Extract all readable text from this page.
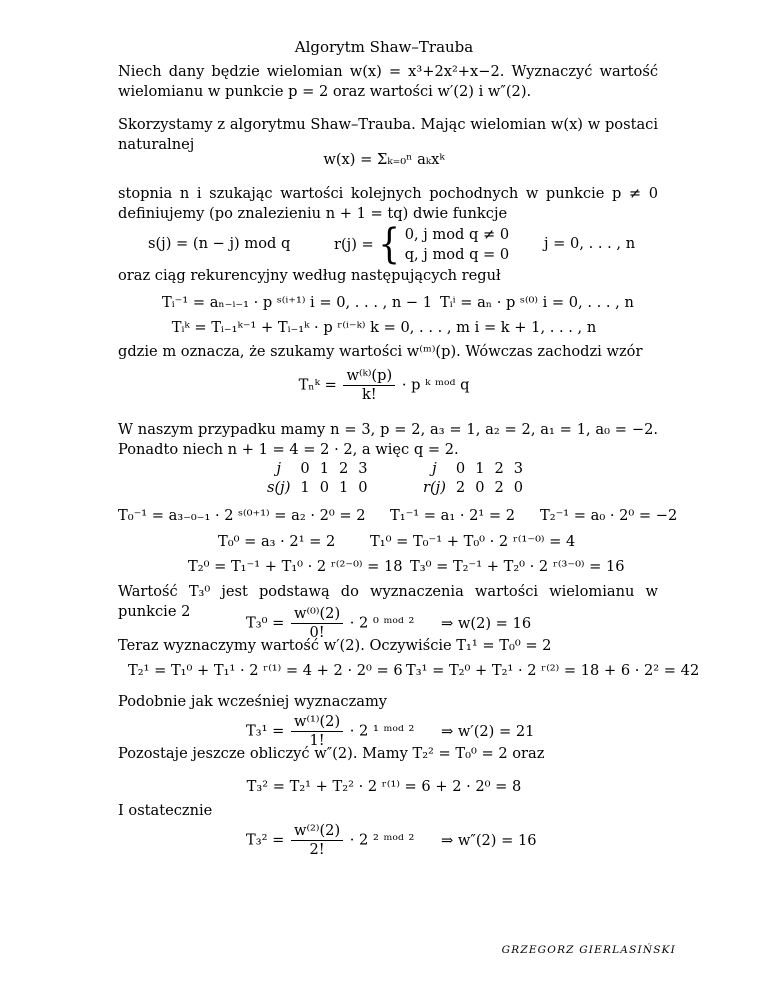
Algorytm Shaw–Trauba
Niech dany będzie wielomian w(x) = x³+2x²+x−2. Wyznaczyć wartość wielomianu w punkcie p = 2 oraz wartości w′(2) i w″(2).
Skorzystamy z algorytmu Shaw–Trauba. Mając wielomian w(x) w postaci naturalnej
w(x) = Σₖ₌₀ⁿ aₖxᵏ
stopnia n i szukając wartości kolejnych pochodnych w punkcie p ≠ 0 definiujemy (po znalezieniu n + 1 = tq) dwie funkcje
s(j) = (n − j) mod q	r(j) = { 0, j mod q ≠ 0
q, j mod q = 0
j = 0, . . . , n
oraz ciąg rekurencyjny według następujących reguł
Tᵢ⁻¹ = aₙ₋ᵢ₋₁ · p ˢ⁽ⁱ⁺¹⁾ i = 0, . . . , n − 1 Tᵢⁱ = aₙ · p ˢ⁽⁰⁾ i = 0, . . . , n
Tᵢᵏ = Tᵢ₋₁ᵏ⁻¹ + Tᵢ₋₁ᵏ · p ʳ⁽ⁱ⁻ᵏ⁾ k = 0, . . . , m i = k + 1, . . . , n
gdzie m oznacza, że szukamy wartości w⁽ᵐ⁾(p). Wówczas zachodzi wzór
Tₙᵏ = $\frac{\text{w⁽ᵏ⁾(p)}}{k!} \cdot p$ ᵏ ᵐᵒᵈ q
W naszym przypadku mamy n = 3, p = 2, a₃ = 1, a₂ = 2, a₁ = 1, a₀ = −2. Ponadto niech n + 1 = 4 = 2 · 2, a więc q = 2.
j	0	1	2	3
s(j)	1	0	1	0
j	0	1	2	3
r(j)	2	0	2	0
T₀⁻¹ = a₃₋₀₋₁ · 2 ˢ⁽⁰⁺¹⁾ = a₂ · 2⁰ = 2 T₁⁻¹ = a₁ · 2¹ = 2 T₂⁻¹ = a₀ · 2⁰ = −2
T₀⁰ = a₃ · 2¹ = 2 T₁⁰ = T₀⁻¹ + T₀⁰ · 2 ʳ⁽¹⁻⁰⁾ = 4
T₂⁰ = T₁⁻¹ + T₁⁰ · 2 ʳ⁽²⁻⁰⁾ = 18 T₃⁰ = T₂⁻¹ + T₂⁰ · 2 ʳ⁽³⁻⁰⁾ = 16
Wartość T₃⁰ jest podstawą do wyznaczenia wartości wielomianu w punkcie 2
$T_3^0 = \frac{\text{w⁽⁰⁾(2)}}{0!} \cdot 2$ ⁰ ᵐᵒᵈ ² ⇒ w(2) = 16
Teraz wyznaczymy wartość w′(2). Oczywiście T₁¹ = T₀⁰ = 2
T₂¹ = T₁⁰ + T₁¹ · 2 ʳ⁽¹⁾ = 4 + 2 · 2⁰ = 6 T₃¹ = T₂⁰ + T₂¹ · 2 ʳ⁽²⁾ = 18 + 6 · 2² = 42
Podobnie jak wcześniej wyznaczamy
$T_3^1 = \frac{\text{w⁽¹⁾(2)}}{1!} \cdot 2$ ¹ ᵐᵒᵈ ² ⇒ w′(2) = 21
Pozostaje jeszcze obliczyć w″(2). Mamy T₂² = T₀⁰ = 2 oraz
T₃² = T₂¹ + T₂² · 2 ʳ⁽¹⁾ = 6 + 2 · 2⁰ = 8
I ostatecznie
$T_3^2 = \frac{\text{w⁽²⁾(2)}}{2!} \cdot 2$ ² ᵐᵒᵈ ² ⇒ w″(2) = 16
GRZEGORZ GIERLASIŃSKI
